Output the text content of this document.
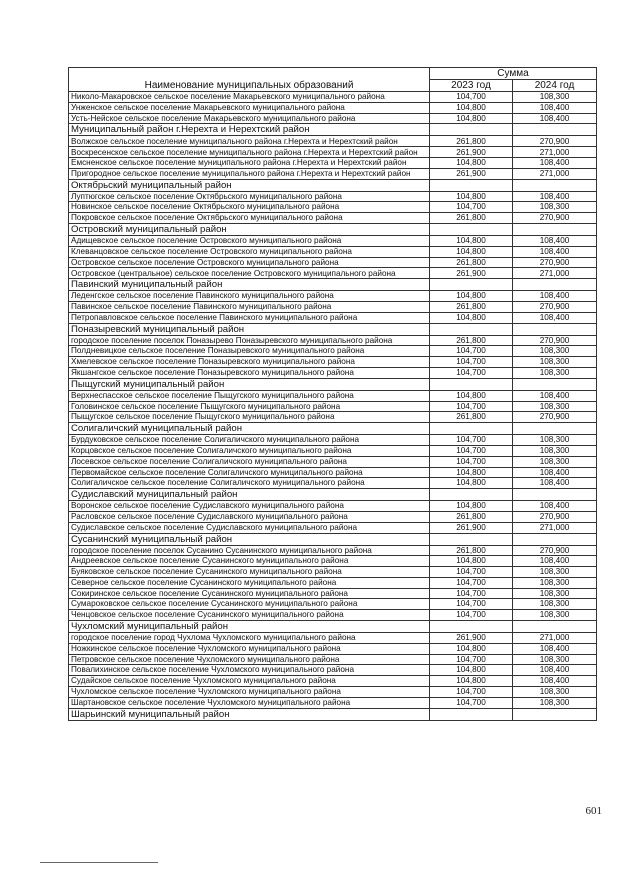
Наименование муниципальных образований	Сумма	
	2023 год	2024 год
Николо-Макаровское сельское поселение Макарьевского муниципального района	104,700	108,300
Унженское сельское поселение Макарьевского муниципального района	104,800	108,400
Усть-Нейское сельское поселение Макарьевского муниципального района	104,800	108,400
Муниципальный район г.Нерехта и Нерехтский район		
Волжское сельское поселение муниципального района г.Нерехта и Нерехтский район	261,800	270,900
Воскресенское сельское поселение муниципального района г.Нерехта и Нерехтский район	261,900	271,000
Емсненское сельское поселение муниципального района г.Нерехта и Нерехтский район	104,800	108,400
Пригородное сельское поселение муниципального района г.Нерехта и Нерехтский район	261,900	271,000
Октябрьский муниципальный район		
Луптюгское сельское поселение Октябрьского муниципального района	104,800	108,400
Новинское сельское поселение Октябрьского муниципального района	104,700	108,300
Покровское сельское поселение Октябрьского муниципального района	261,800	270,900
Островский муниципальный район		
Адищевское сельское поселение Островского муниципального района	104,800	108,400
Клеванцовское сельское поселение Островского муниципального района	104,800	108,400
Островское сельское поселение Островского муниципального района	261,800	270,900
Островское (центральное) сельское поселение Островского муниципального района	261,900	271,000
Павинский муниципальный район		
Леденгское сельское поселение Павинского муниципального района	104,800	108,400
Павинское сельское поселение Павинского муниципального района	261,800	270,900
Петропавловское сельское поселение Павинского муниципального района	104,800	108,400
Поназыревский муниципальный район		
городское поселение поселок Поназырево Поназыревского муниципального района	261,800	270,900
Полдневицкое сельское поселение Поназыревского муниципального района	104,700	108,300
Хмелевское сельское поселение Поназыревского муниципального района	104,700	108,300
Якшангское сельское поселение Поназыревского муниципального района	104,700	108,300
Пыщугский муниципальный район		
Верхнеспасское сельское поселение Пыщугского муниципального района	104,800	108,400
Головинское сельское поселение Пыщугского муниципального района	104,700	108,300
Пыщугское сельское поселение Пыщугского муниципального района	261,800	270,900
Солигаличский муниципальный район		
Бурдуковское сельское поселение Солигаличского муниципального района	104,700	108,300
Корцовское сельское поселение Солигаличского муниципального района	104,700	108,300
Лосевское сельское поселение Солигаличского муниципального района	104,700	108,300
Первомайское сельское поселение Солигаличского муниципального района	104,800	108,400
Солигаличское сельское поселение Солигаличского муниципального района	104,800	108,400
Судиславский муниципальный район		
Воронское сельское поселение Судиславского муниципального района	104,800	108,400
Расловское сельское поселение Судиславского муниципального района	261,800	270,900
Судиславское сельское поселение Судиславского муниципального района	261,900	271,000
Сусанинский муниципальный район		
городское поселение поселок Сусанино Сусанинского муниципального района	261,800	270,900
Андреевское сельское поселение Сусанинского муниципального района	104,800	108,400
Буяковское сельское поселение Сусанинского муниципального района	104,700	108,300
Северное сельское поселение Сусанинского муниципального района	104,700	108,300
Сокиринское сельское поселение Сусанинского муниципального района	104,700	108,300
Сумароковское сельское поселение Сусанинского муниципального района	104,700	108,300
Ченцовское сельское поселение Сусанинского муниципального района	104,700	108,300
Чухломский муниципальный район		
городское поселение город Чухлома Чухломского муниципального района	261,900	271,000
Ножкинское сельское поселение Чухломского муниципального района	104,800	108,400
Петровское сельское поселение Чухломского муниципального района	104,700	108,300
Повалихинское сельское поселение Чухломского муниципального района	104,800	108,400
Судайское сельское поселение Чухломского муниципального района	104,800	108,400
Чухломское сельское поселение Чухломского муниципального района	104,700	108,300
Шартановское сельское поселение Чухломского муниципального района	104,700	108,300
Шарьинский муниципальный район		
601
